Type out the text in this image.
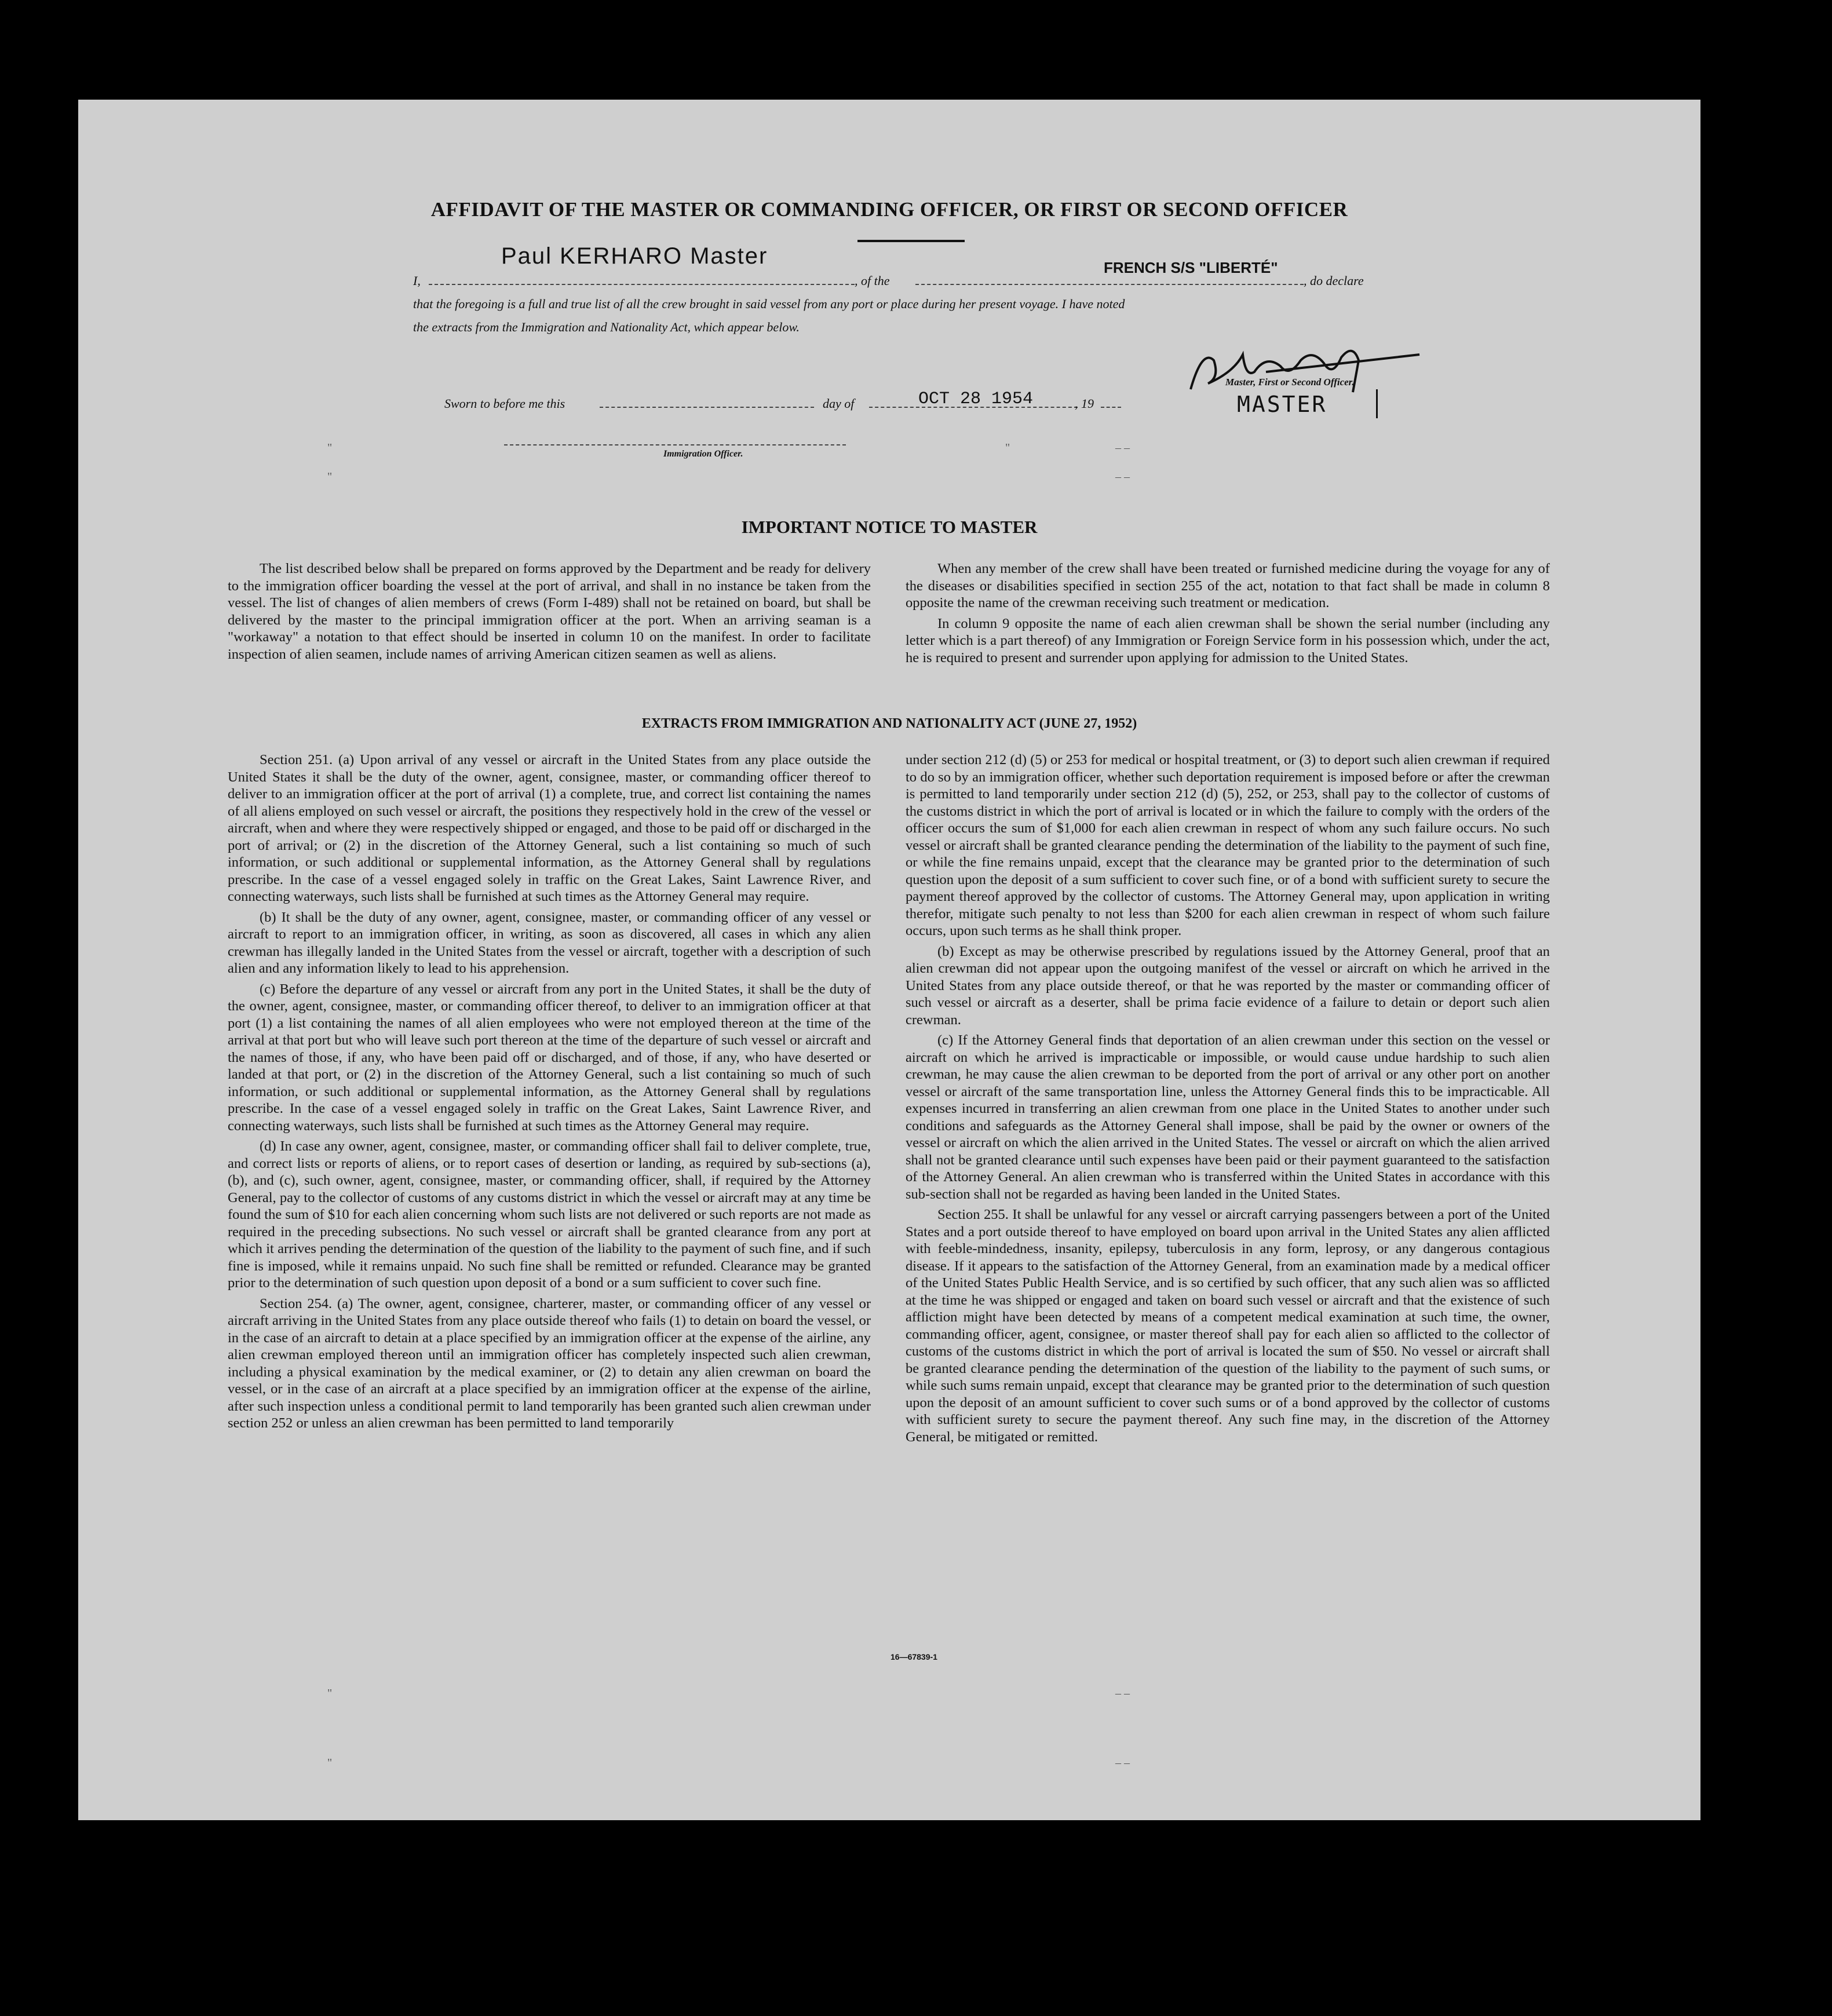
AFFIDAVIT OF THE MASTER OR COMMANDING OFFICER, OR FIRST OR SECOND OFFICER
Paul KERHARO Master	FRENCH S/S "LIBERTÉ"
I,	, of the	, do declare
that the foregoing is a full and true list of all the crew brought in said vessel from any port or place during her present voyage. I have noted
the extracts from the Immigration and Nationality Act, which appear below.
Master, First or Second Officer.
MASTER
Sworn to before me this	day of	OCT 28 1954	, 19
Immigration Officer.
IMPORTANT NOTICE TO MASTER

The list described below shall be prepared on forms approved by the Department and be ready for delivery to the immigration officer boarding the vessel at the port of arrival, and shall in no instance be taken from the vessel. The list of changes of alien members of crews (Form I-489) shall not be retained on board, but shall be delivered by the master to the principal immigration officer at the port. When an arriving seaman is a "workaway" a notation to that effect should be inserted in column 10 on the manifest. In order to facilitate inspection of alien seamen, include names of arriving American citizen seamen as well as aliens.

When any member of the crew shall have been treated or furnished medicine during the voyage for any of the diseases or disabilities specified in section 255 of the act, notation to that fact shall be made in column 8 opposite the name of the crewman receiving such treatment or medication.

In column 9 opposite the name of each alien crewman shall be shown the serial number (including any letter which is a part thereof) of any Immigration or Foreign Service form in his possession which, under the act, he is required to present and surrender upon applying for admission to the United States.

EXTRACTS FROM IMMIGRATION AND NATIONALITY ACT (JUNE 27, 1952)

Section 251. (a) Upon arrival of any vessel or aircraft in the United States from any place outside the United States it shall be the duty of the owner, agent, consignee, master, or commanding officer thereof to deliver to an immigration officer at the port of arrival (1) a complete, true, and correct list containing the names of all aliens employed on such vessel or aircraft, the positions they respectively hold in the crew of the vessel or aircraft, when and where they were respectively shipped or engaged, and those to be paid off or discharged in the port of arrival; or (2) in the discretion of the Attorney General, such a list containing so much of such information, or such additional or supplemental information, as the Attorney General shall by regulations prescribe. In the case of a vessel engaged solely in traffic on the Great Lakes, Saint Lawrence River, and connecting waterways, such lists shall be furnished at such times as the Attorney General may require.

(b) It shall be the duty of any owner, agent, consignee, master, or commanding officer of any vessel or aircraft to report to an immigration officer, in writing, as soon as discovered, all cases in which any alien crewman has illegally landed in the United States from the vessel or aircraft, together with a description of such alien and any information likely to lead to his apprehension.

(c) Before the departure of any vessel or aircraft from any port in the United States, it shall be the duty of the owner, agent, consignee, master, or commanding officer thereof, to deliver to an immigration officer at that port (1) a list containing the names of all alien employees who were not employed thereon at the time of the arrival at that port but who will leave such port thereon at the time of the departure of such vessel or aircraft and the names of those, if any, who have been paid off or discharged, and of those, if any, who have deserted or landed at that port, or (2) in the discretion of the Attorney General, such a list containing so much of such information, or such additional or supplemental information, as the Attorney General shall by regulations prescribe. In the case of a vessel engaged solely in traffic on the Great Lakes, Saint Lawrence River, and connecting waterways, such lists shall be furnished at such times as the Attorney General may require.

(d) In case any owner, agent, consignee, master, or commanding officer shall fail to deliver complete, true, and correct lists or reports of aliens, or to report cases of desertion or landing, as required by sub-sections (a), (b), and (c), such owner, agent, consignee, master, or commanding officer, shall, if required by the Attorney General, pay to the collector of customs of any customs district in which the vessel or aircraft may at any time be found the sum of $10 for each alien concerning whom such lists are not delivered or such reports are not made as required in the preceding subsections. No such vessel or aircraft shall be granted clearance from any port at which it arrives pending the determination of the question of the liability to the payment of such fine, and if such fine is imposed, while it remains unpaid. No such fine shall be remitted or refunded. Clearance may be granted prior to the determination of such question upon deposit of a bond or a sum sufficient to cover such fine.

Section 254. (a) The owner, agent, consignee, charterer, master, or commanding officer of any vessel or aircraft arriving in the United States from any place outside thereof who fails (1) to detain on board the vessel, or in the case of an aircraft to detain at a place specified by an immigration officer at the expense of the airline, any alien crewman employed thereon until an immigration officer has completely inspected such alien crewman, including a physical examination by the medical examiner, or (2) to detain any alien crewman on board the vessel, or in the case of an aircraft at a place specified by an immigration officer at the expense of the airline, after such inspection unless a conditional permit to land temporarily has been granted such alien crewman under section 252 or unless an alien crewman has been permitted to land temporarily

under section 212 (d) (5) or 253 for medical or hospital treatment, or (3) to deport such alien crewman if required to do so by an immigration officer, whether such deportation requirement is imposed before or after the crewman is permitted to land temporarily under section 212 (d) (5), 252, or 253, shall pay to the collector of customs of the customs district in which the port of arrival is located or in which the failure to comply with the orders of the officer occurs the sum of $1,000 for each alien crewman in respect of whom any such failure occurs. No such vessel or aircraft shall be granted clearance pending the determination of the liability to the payment of such fine, or while the fine remains unpaid, except that the clearance may be granted prior to the determination of such question upon the deposit of a sum sufficient to cover such fine, or of a bond with sufficient surety to secure the payment thereof approved by the collector of customs. The Attorney General may, upon application in writing therefor, mitigate such penalty to not less than $200 for each alien crewman in respect of whom such failure occurs, upon such terms as he shall think proper.

(b) Except as may be otherwise prescribed by regulations issued by the Attorney General, proof that an alien crewman did not appear upon the outgoing manifest of the vessel or aircraft on which he arrived in the United States from any place outside thereof, or that he was reported by the master or commanding officer of such vessel or aircraft as a deserter, shall be prima facie evidence of a failure to detain or deport such alien crewman.

(c) If the Attorney General finds that deportation of an alien crewman under this section on the vessel or aircraft on which he arrived is impracticable or impossible, or would cause undue hardship to such alien crewman, he may cause the alien crewman to be deported from the port of arrival or any other port on another vessel or aircraft of the same transportation line, unless the Attorney General finds this to be impracticable. All expenses incurred in transferring an alien crewman from one place in the United States to another under such conditions and safeguards as the Attorney General shall impose, shall be paid by the owner or owners of the vessel or aircraft on which the alien arrived in the United States. The vessel or aircraft on which the alien arrived shall not be granted clearance until such expenses have been paid or their payment guaranteed to the satisfaction of the Attorney General. An alien crewman who is transferred within the United States in accordance with this sub-section shall not be regarded as having been landed in the United States.

Section 255. It shall be unlawful for any vessel or aircraft carrying passengers between a port of the United States and a port outside thereof to have employed on board upon arrival in the United States any alien afflicted with feeble-mindedness, insanity, epilepsy, tuberculosis in any form, leprosy, or any dangerous contagious disease. If it appears to the satisfaction of the Attorney General, from an examination made by a medical officer of the United States Public Health Service, and is so certified by such officer, that any such alien was so afflicted at the time he was shipped or engaged and taken on board such vessel or aircraft and that the existence of such affliction might have been detected by means of a competent medical examination at such time, the owner, commanding officer, agent, consignee, or master thereof shall pay for each alien so afflicted to the collector of customs of the customs district in which the port of arrival is located the sum of $50. No vessel or aircraft shall be granted clearance pending the determination of the question of the liability to the payment of such sums, or while such sums remain unpaid, except that clearance may be granted prior to the determination of such question upon the deposit of an amount sufficient to cover such sums or of a bond approved by the collector of customs with sufficient surety to secure the payment thereof. Any such fine may, in the discretion of the Attorney General, be mitigated or remitted.

16—67839-1
"	"	– –
"	– –
"	– –
"	– –
